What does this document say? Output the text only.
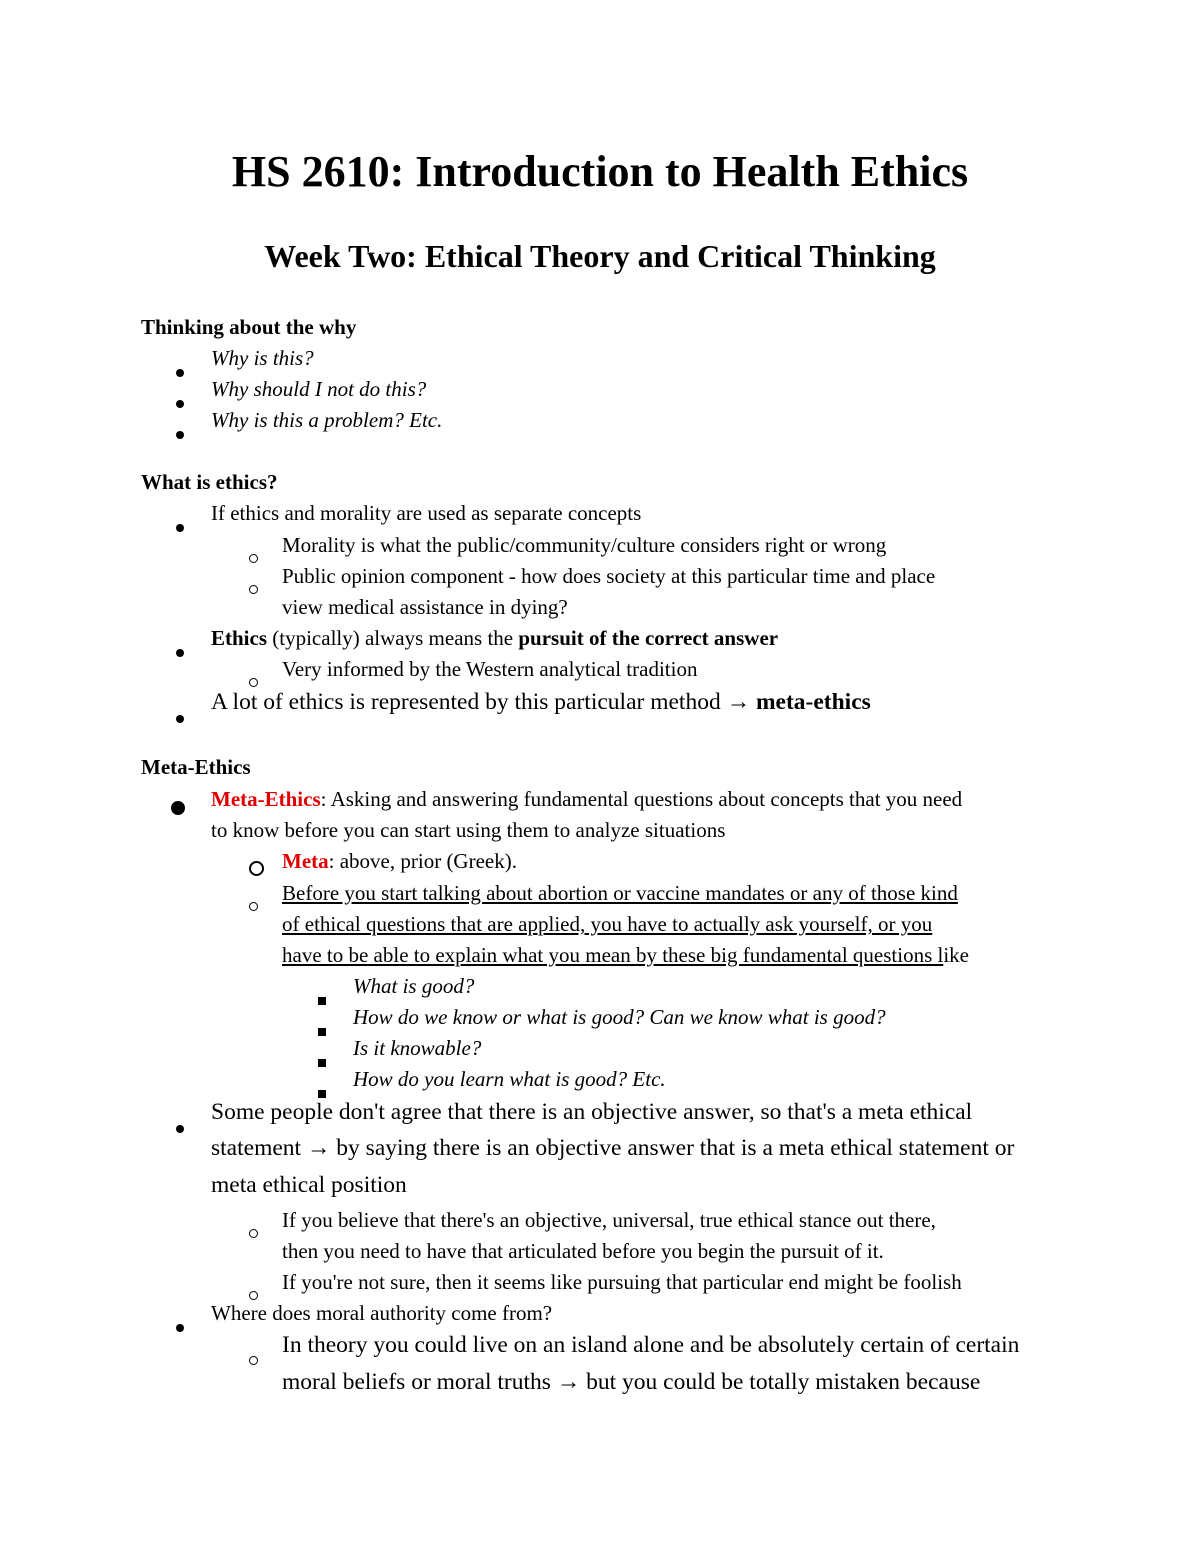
HS 2610: Introduction to Health Ethics
Week Two: Ethical Theory and Critical Thinking
Thinking about the why
Why is this?
Why should I not do this?
Why is this a problem? Etc.
What is ethics?
If ethics and morality are used as separate concepts
Morality is what the public/community/culture considers right or wrong
Public opinion component - how does society at this particular time and place
view medical assistance in dying?
Ethics (typically) always means the pursuit of the correct answer
Very informed by the Western analytical tradition
A lot of ethics is represented by this particular method → meta-ethics
Meta-Ethics
Meta-Ethics: Asking and answering fundamental questions about concepts that you need
to know before you can start using them to analyze situations
Meta: above, prior (Greek).
Before you start talking about abortion or vaccine mandates or any of those kind
of ethical questions that are applied, you have to actually ask yourself, or you
have to be able to explain what you mean by these big fundamental questions like
What is good?
How do we know or what is good? Can we know what is good?
Is it knowable?
How do you learn what is good? Etc.
Some people don't agree that there is an objective answer, so that's a meta ethical
statement → by saying there is an objective answer that is a meta ethical statement or
meta ethical position
If you believe that there's an objective, universal, true ethical stance out there,
then you need to have that articulated before you begin the pursuit of it.
If you're not sure, then it seems like pursuing that particular end might be foolish
Where does moral authority come from?
In theory you could live on an island alone and be absolutely certain of certain
moral beliefs or moral truths → but you could be totally mistaken because
